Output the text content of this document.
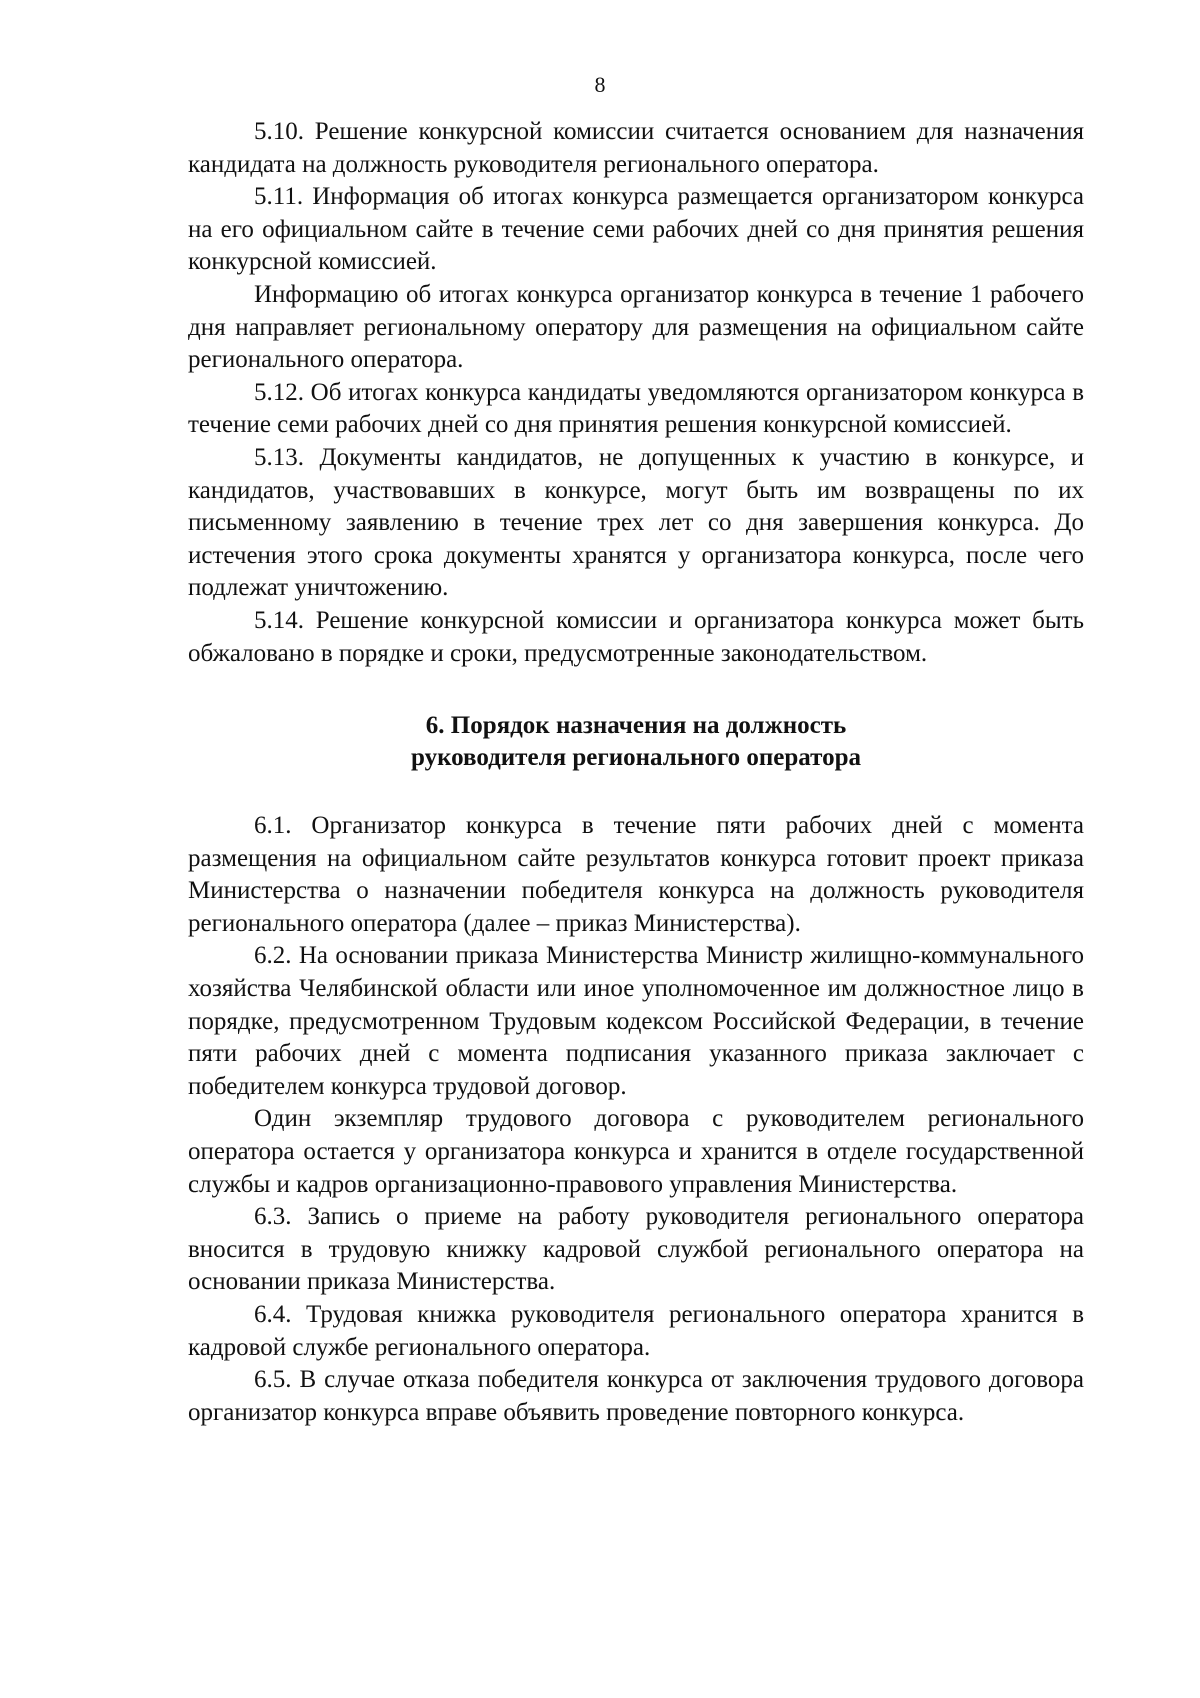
8

5.10. Решение конкурсной комиссии считается основанием для назначения кандидата на должность руководителя регионального оператора.

5.11. Информация об итогах конкурса размещается организатором конкурса на его официальном сайте в течение семи рабочих дней со дня принятия решения конкурсной комиссией.

Информацию об итогах конкурса организатор конкурса в течение 1 рабочего дня направляет региональному оператору для размещения на официальном сайте регионального оператора.

5.12. Об итогах конкурса кандидаты уведомляются организатором конкурса в течение семи рабочих дней со дня принятия решения конкурсной комиссией.

5.13. Документы кандидатов, не допущенных к участию в конкурсе, и кандидатов, участвовавших в конкурсе, могут быть им возвращены по их письменному заявлению в течение трех лет со дня завершения конкурса. До истечения этого срока документы хранятся у организатора конкурса, после чего подлежат уничтожению.

5.14. Решение конкурсной комиссии и организатора конкурса может быть обжаловано в порядке и сроки, предусмотренные законодательством.

6. Порядок назначения на должность

руководителя регионального оператора

6.1. Организатор конкурса в течение пяти рабочих дней с момента размещения на официальном сайте результатов конкурса готовит проект приказа Министерства о назначении победителя конкурса на должность руководителя регионального оператора (далее – приказ Министерства).

6.2. На основании приказа Министерства Министр жилищно-коммунального хозяйства Челябинской области или иное уполномоченное им должностное лицо в порядке, предусмотренном Трудовым кодексом Российской Федерации, в течение пяти рабочих дней с момента подписания указанного приказа заключает с победителем конкурса трудовой договор.

Один экземпляр трудового договора с руководителем регионального оператора остается у организатора конкурса и хранится в отделе государственной службы и кадров организационно-правового управления Министерства.

6.3. Запись о приеме на работу руководителя регионального оператора вносится в трудовую книжку кадровой службой регионального оператора на основании приказа Министерства.

6.4. Трудовая книжка руководителя регионального оператора хранится в кадровой службе регионального оператора.

6.5. В случае отказа победителя конкурса от заключения трудового договора организатор конкурса вправе объявить проведение повторного конкурса.
